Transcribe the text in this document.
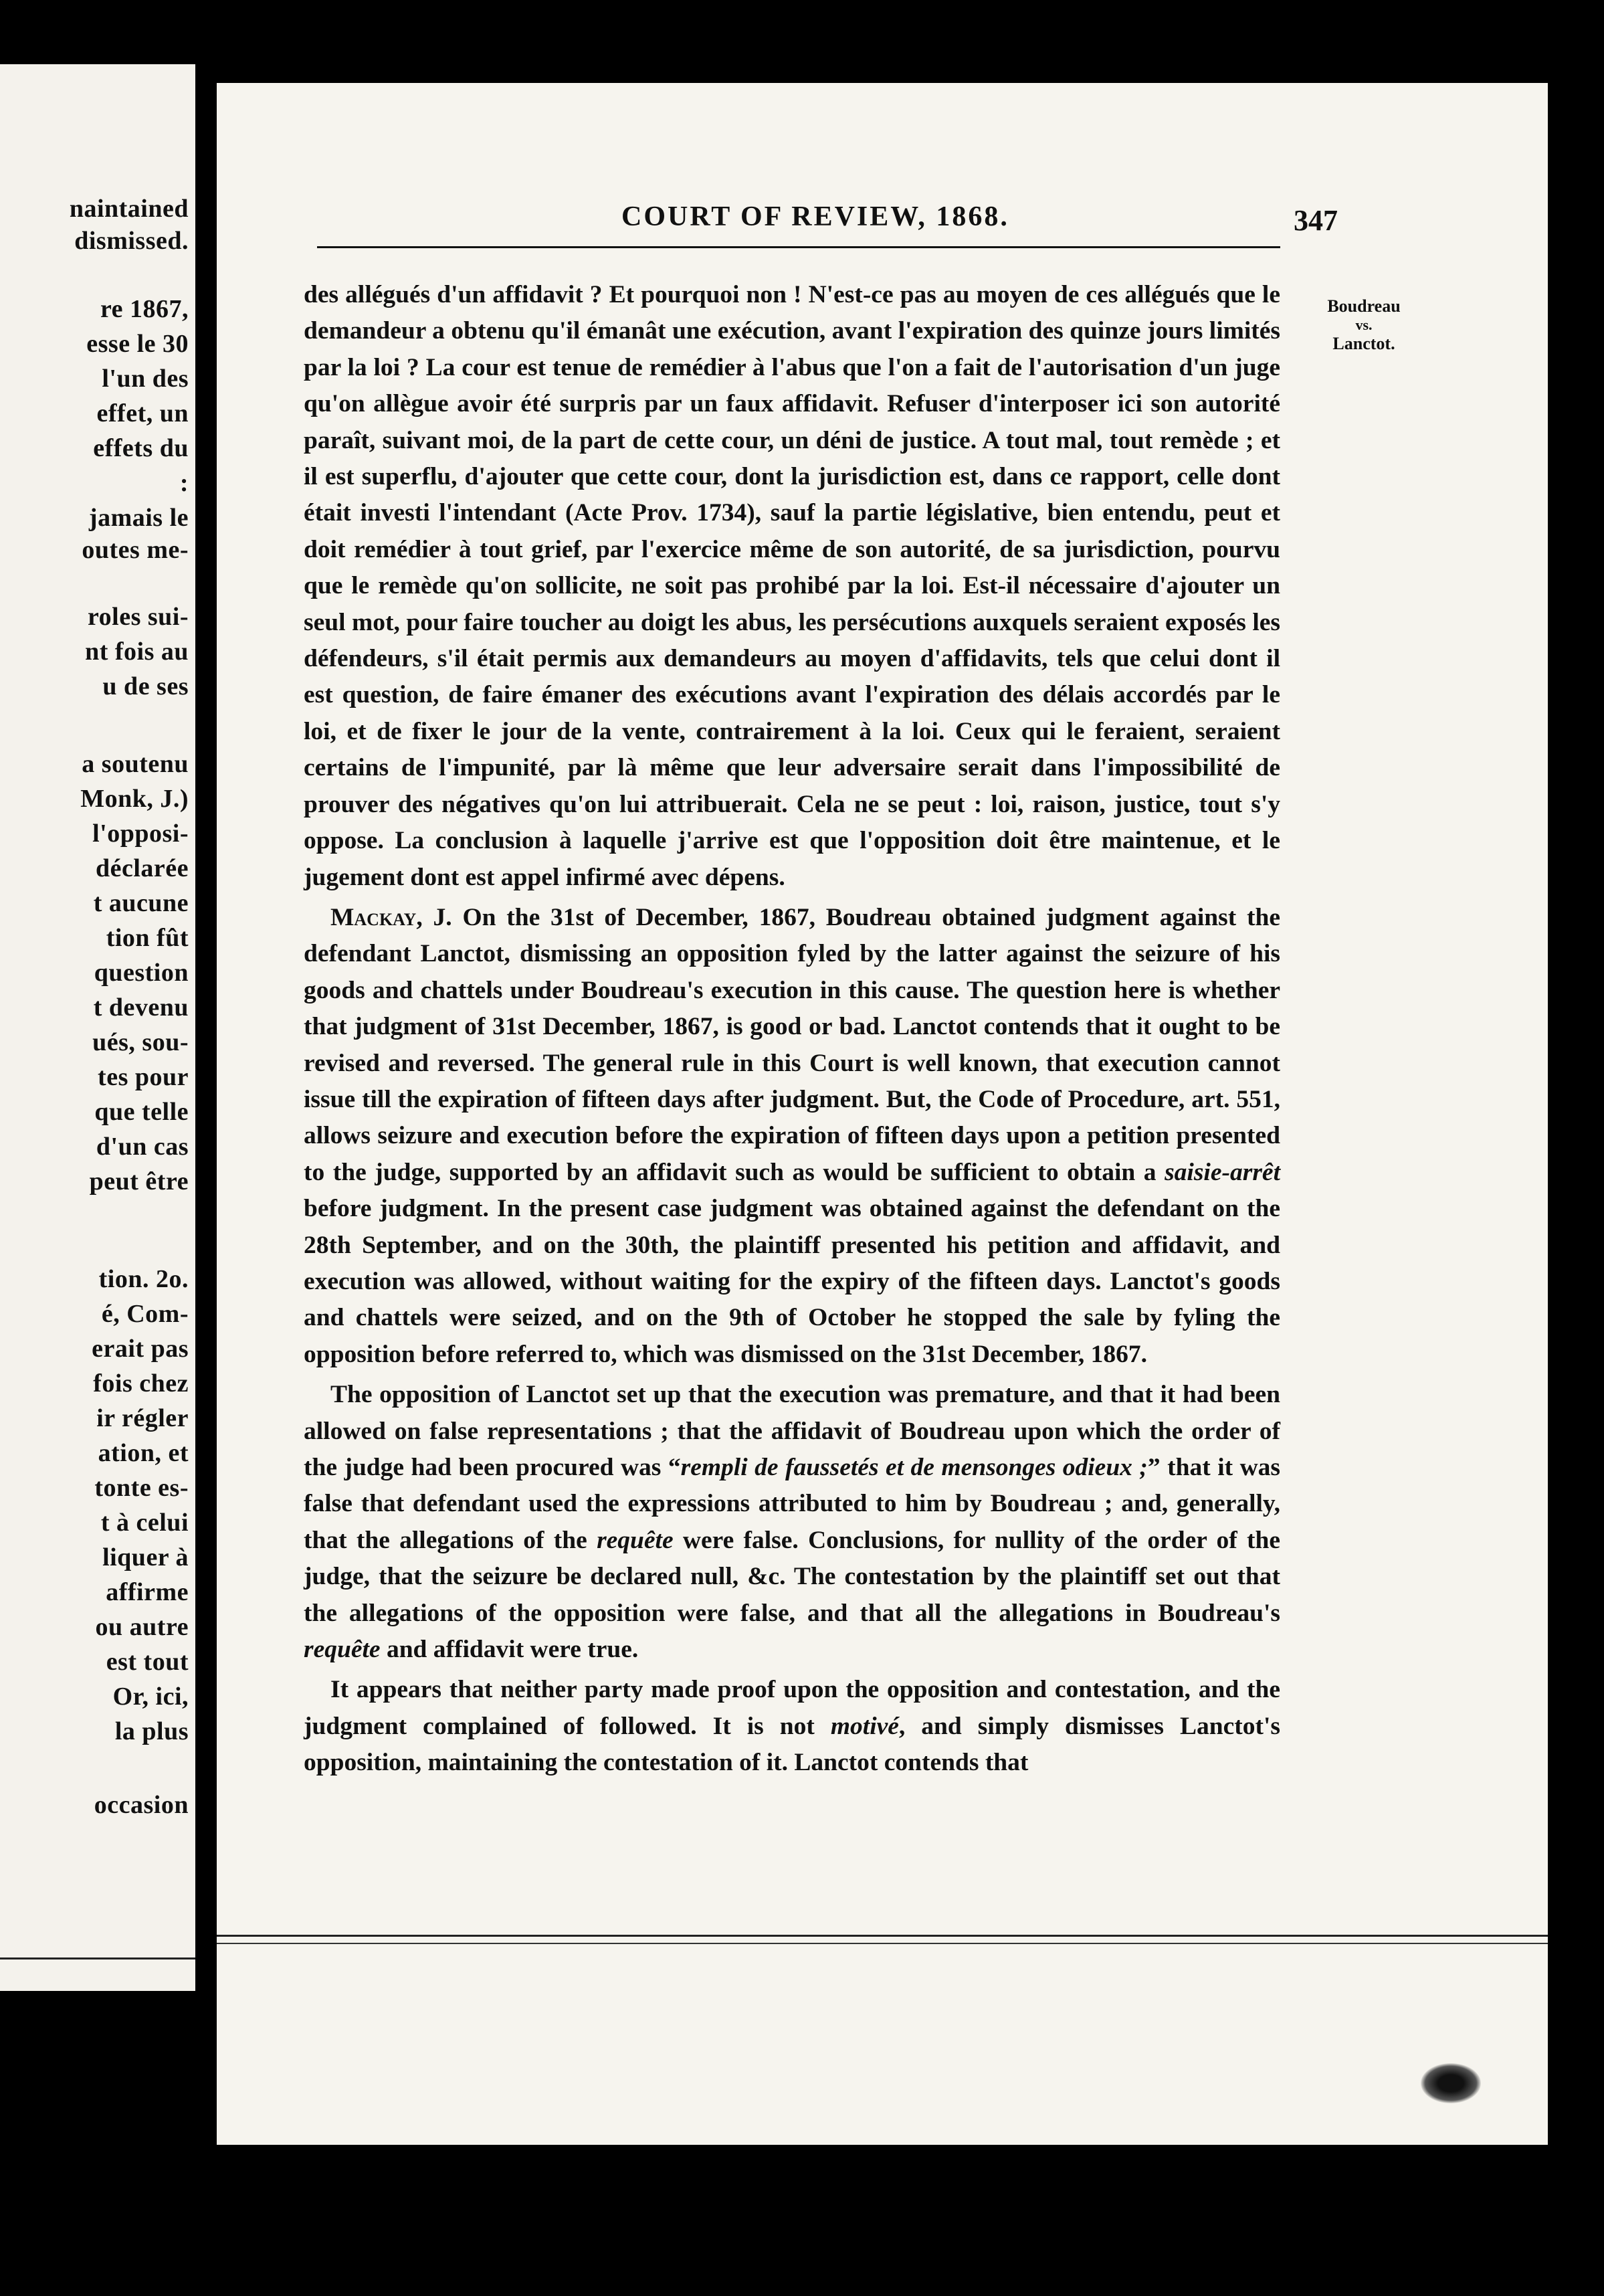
naintained
dismissed.
re 1867,
esse le 30
l'un des
effet, un
effets du
:
jamais le
outes me-
roles sui-
nt fois au
u de ses
a soutenu
Monk, J.)
l'opposi-
déclarée
t aucune
tion fût
question
t devenu
ués, sou-
tes pour
que telle
d'un cas
peut être
tion. 2o.
é, Com-
erait pas
fois chez
ir régler
ation, et
tonte es-
t à celui
liquer à
affirme
ou autre
est tout
Or, ici,
la plus
occasion
COURT OF REVIEW, 1868.	347
Boudreau
vs.
Lanctot.

des allégués d'un affidavit ? Et pourquoi non ! N'est-ce pas au moyen de ces allégués que le demandeur a obtenu qu'il émanât une exécution, avant l'expiration des quinze jours limités par la loi ? La cour est tenue de remédier à l'abus que l'on a fait de l'autorisation d'un juge qu'on allègue avoir été surpris par un faux affidavit. Refuser d'interposer ici son autorité paraît, suivant moi, de la part de cette cour, un déni de justice. A tout mal, tout remède ; et il est superflu, d'ajouter que cette cour, dont la jurisdiction est, dans ce rapport, celle dont était investi l'intendant (Acte Prov. 1734), sauf la partie législative, bien entendu, peut et doit remédier à tout grief, par l'exercice même de son autorité, de sa jurisdiction, pourvu que le remède qu'on sollicite, ne soit pas prohibé par la loi. Est-il nécessaire d'ajouter un seul mot, pour faire toucher au doigt les abus, les persécutions auxquels seraient exposés les défendeurs, s'il était permis aux demandeurs au moyen d'affidavits, tels que celui dont il est question, de faire émaner des exécutions avant l'expiration des délais accordés par le loi, et de fixer le jour de la vente, contrairement à la loi. Ceux qui le feraient, seraient certains de l'impunité, par là même que leur adversaire serait dans l'impossibilité de prouver des négatives qu'on lui attribuerait. Cela ne se peut : loi, raison, justice, tout s'y oppose. La conclusion à laquelle j'arrive est que l'opposition doit être maintenue, et le jugement dont est appel infirmé avec dépens.

Mackay, J. On the 31st of December, 1867, Boudreau obtained judgment against the defendant Lanctot, dismissing an opposition fyled by the latter against the seizure of his goods and chattels under Boudreau's execution in this cause. The question here is whether that judgment of 31st December, 1867, is good or bad. Lanctot contends that it ought to be revised and reversed. The general rule in this Court is well known, that execution cannot issue till the expiration of fifteen days after judgment. But, the Code of Procedure, art. 551, allows seizure and execution before the expiration of fifteen days upon a petition presented to the judge, supported by an affidavit such as would be sufficient to obtain a saisie-arrêt before judgment. In the present case judgment was obtained against the defendant on the 28th September, and on the 30th, the plaintiff presented his petition and affidavit, and execution was allowed, without waiting for the expiry of the fifteen days. Lanctot's goods and chattels were seized, and on the 9th of October he stopped the sale by fyling the opposition before referred to, which was dismissed on the 31st December, 1867.

The opposition of Lanctot set up that the execution was premature, and that it had been allowed on false representations ; that the affidavit of Boudreau upon which the order of the judge had been procured was “rempli de faussetés et de mensonges odieux ;” that it was false that defendant used the expressions attributed to him by Boudreau ; and, generally, that the allegations of the requête were false. Conclusions, for nullity of the order of the judge, that the seizure be declared null, &c. The contestation by the plaintiff set out that the allegations of the opposition were false, and that all the allegations in Boudreau's requête and affidavit were true.

It appears that neither party made proof upon the opposition and contestation, and the judgment complained of followed. It is not motivé, and simply dismisses Lanctot's opposition, maintaining the contestation of it. Lanctot contends that
